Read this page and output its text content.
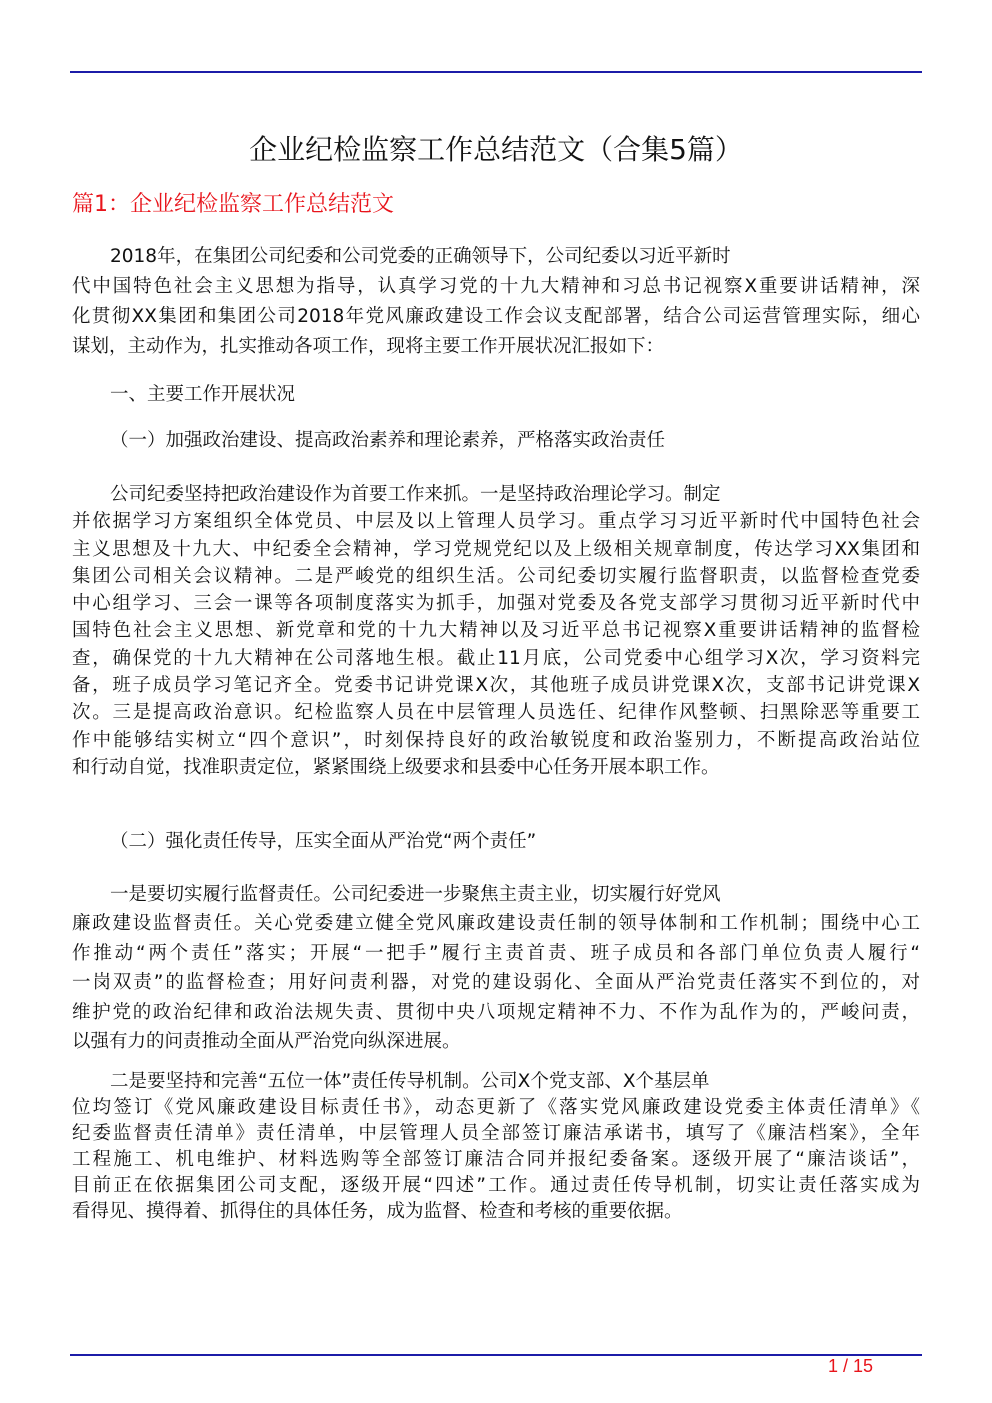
企业纪检监察工作总结范文（合集5篇）
篇1：企业纪检监察工作总结范文
2018年，在集团公司纪委和公司党委的正确领导下，公司纪委以习近平新时
代中国特色社会主义思想为指导，认真学习党的十九大精神和习总书记视察X重要讲话精神，深
化贯彻XX集团和集团公司2018年党风廉政建设工作会议支配部署，结合公司运营管理实际，细心
谋划，主动作为，扎实推动各项工作，现将主要工作开展状况汇报如下：
一、主要工作开展状况
（一）加强政治建设、提高政治素养和理论素养，严格落实政治责任
公司纪委坚持把政治建设作为首要工作来抓。一是坚持政治理论学习。制定
并依据学习方案组织全体党员、中层及以上管理人员学习。重点学习习近平新时代中国特色社会
主义思想及十九大、中纪委全会精神，学习党规党纪以及上级相关规章制度，传达学习XX集团和
集团公司相关会议精神。二是严峻党的组织生活。公司纪委切实履行监督职责，以监督检查党委
中心组学习、三会一课等各项制度落实为抓手，加强对党委及各党支部学习贯彻习近平新时代中
国特色社会主义思想、新党章和党的十九大精神以及习近平总书记视察X重要讲话精神的监督检
查，确保党的十九大精神在公司落地生根。截止11月底，公司党委中心组学习X次，学习资料完
备，班子成员学习笔记齐全。党委书记讲党课X次，其他班子成员讲党课X次，支部书记讲党课X
次。三是提高政治意识。纪检监察人员在中层管理人员选任、纪律作风整顿、扫黑除恶等重要工
作中能够结实树立“四个意识”，时刻保持良好的政治敏锐度和政治鉴别力，不断提高政治站位
和行动自觉，找准职责定位，紧紧围绕上级要求和县委中心任务开展本职工作。
（二）强化责任传导，压实全面从严治党“两个责任”
一是要切实履行监督责任。公司纪委进一步聚焦主责主业，切实履行好党风
廉政建设监督责任。关心党委建立健全党风廉政建设责任制的领导体制和工作机制；围绕中心工
作推动“两个责任”落实；开展“一把手”履行主责首责、班子成员和各部门单位负责人履行“
一岗双责”的监督检查；用好问责利器，对党的建设弱化、全面从严治党责任落实不到位的，对
维护党的政治纪律和政治法规失责、贯彻中央八项规定精神不力、不作为乱作为的，严峻问责，
以强有力的问责推动全面从严治党向纵深进展。
二是要坚持和完善“五位一体”责任传导机制。公司X个党支部、X个基层单
位均签订《党风廉政建设目标责任书》，动态更新了《落实党风廉政建设党委主体责任清单》《
纪委监督责任清单》责任清单，中层管理人员全部签订廉洁承诺书，填写了《廉洁档案》，全年
工程施工、机电维护、材料选购等全部签订廉洁合同并报纪委备案。逐级开展了“廉洁谈话”，
目前正在依据集团公司支配，逐级开展“四述”工作。通过责任传导机制，切实让责任落实成为
看得见、摸得着、抓得住的具体任务，成为监督、检查和考核的重要依据。
1 / 15
